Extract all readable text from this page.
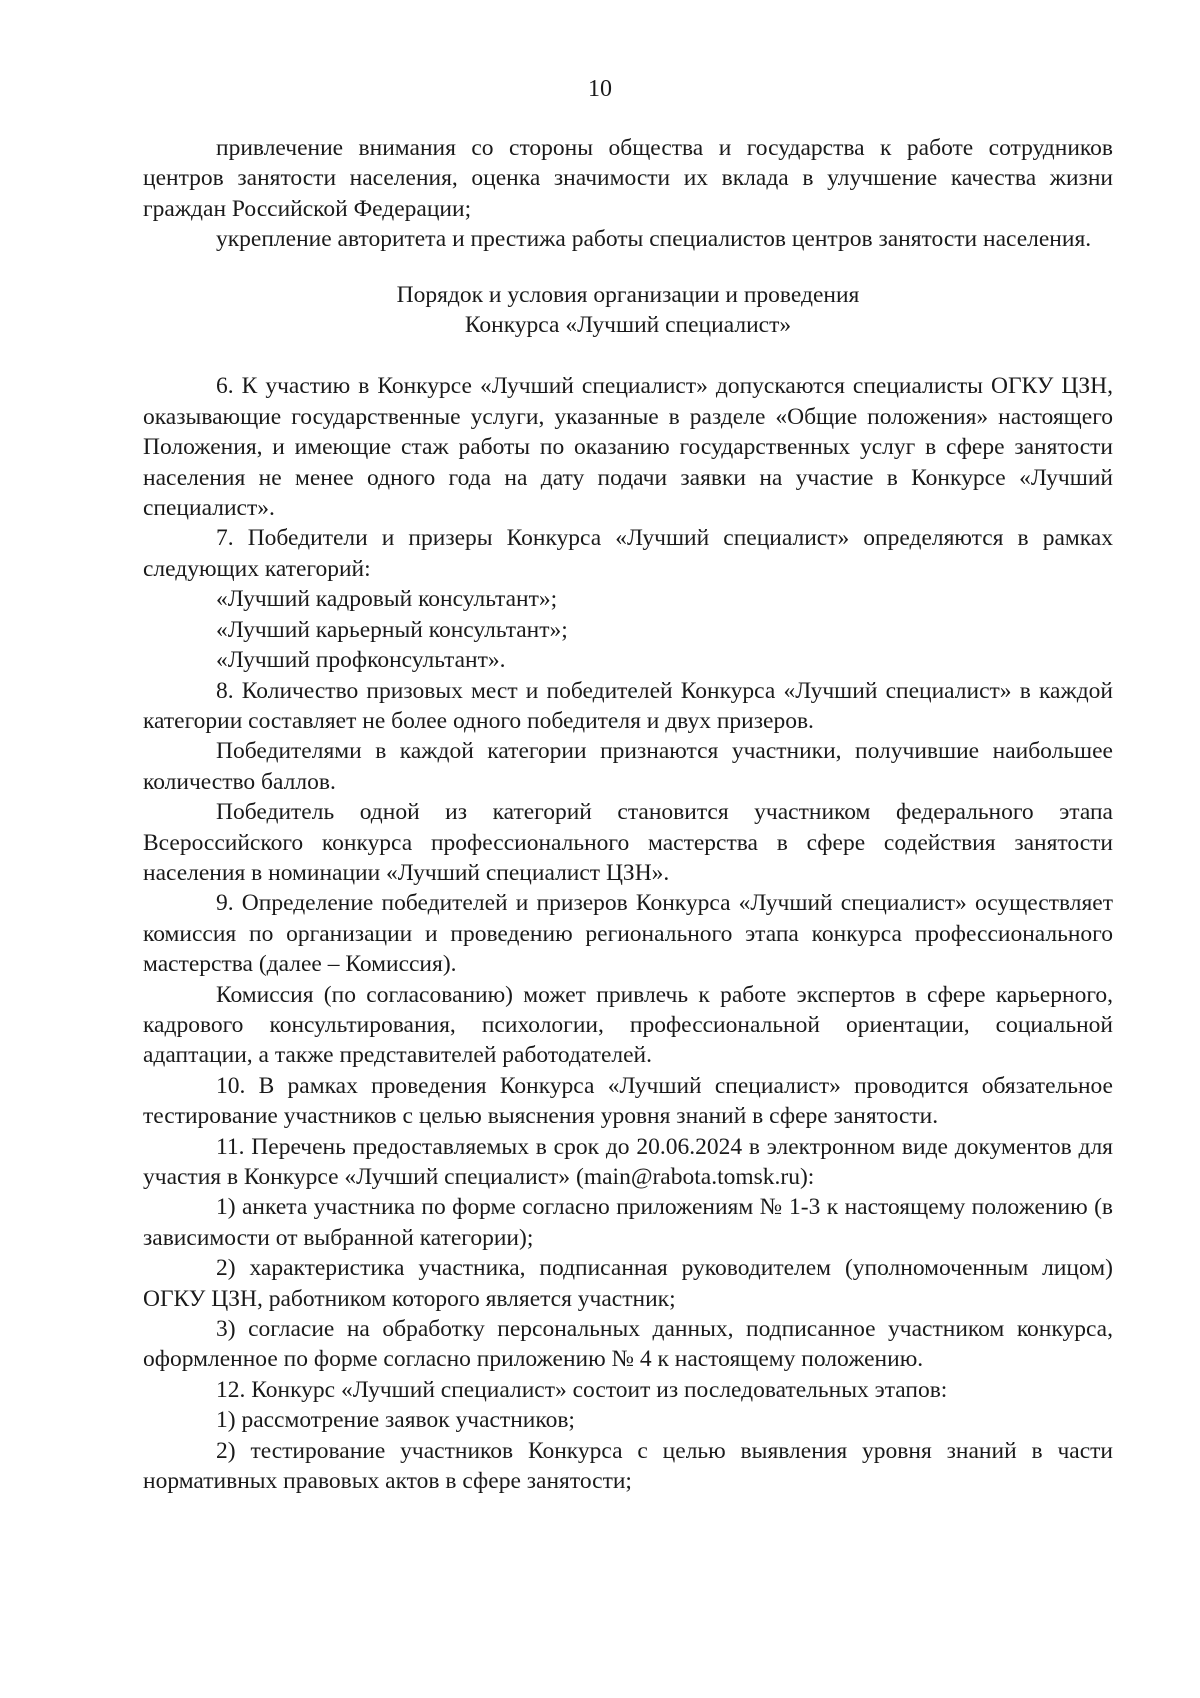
10

привлечение внимания со стороны общества и государства к работе сотрудников центров занятости населения, оценка значимости их вклада в улучшение качества жизни граждан Российской Федерации;

укрепление авторитета и престижа работы специалистов центров занятости населения.

Порядок и условия организации и проведения
Конкурса «Лучший специалист»

6. К участию в Конкурсе «Лучший специалист» допускаются специалисты ОГКУ ЦЗН, оказывающие государственные услуги, указанные в разделе «Общие положения» настоящего Положения, и имеющие стаж работы по оказанию государственных услуг в сфере занятости населения не менее одного года на дату подачи заявки на участие в Конкурсе «Лучший специалист».

7. Победители и призеры Конкурса «Лучший специалист» определяются в рамках следующих категорий:

«Лучший кадровый консультант»;

«Лучший карьерный консультант»;

«Лучший профконсультант».

8. Количество призовых мест и победителей Конкурса «Лучший специалист» в каждой категории составляет не более одного победителя и двух призеров.

Победителями в каждой категории признаются участники, получившие наибольшее количество баллов.

Победитель одной из категорий становится участником федерального этапа Всероссийского конкурса профессионального мастерства в сфере содействия занятости населения в номинации «Лучший специалист ЦЗН».

9. Определение победителей и призеров Конкурса «Лучший специалист» осуществляет комиссия по организации и проведению регионального этапа конкурса профессионального мастерства (далее – Комиссия).

Комиссия (по согласованию) может привлечь к работе экспертов в сфере карьерного, кадрового консультирования, психологии, профессиональной ориентации, социальной адаптации, а также представителей работодателей.

10. В рамках проведения Конкурса «Лучший специалист» проводится обязательное тестирование участников с целью выяснения уровня знаний в сфере занятости.

11. Перечень предоставляемых в срок до 20.06.2024 в электронном виде документов для участия в Конкурсе «Лучший специалист» (main@rabota.tomsk.ru):

1) анкета участника по форме согласно приложениям № 1-3 к настоящему положению (в зависимости от выбранной категории);

2) характеристика участника, подписанная руководителем (уполномоченным лицом) ОГКУ ЦЗН, работником которого является участник;

3) согласие на обработку персональных данных, подписанное участником конкурса, оформленное по форме согласно приложению № 4 к настоящему положению.

12. Конкурс «Лучший специалист» состоит из последовательных этапов:

1) рассмотрение заявок участников;

2) тестирование участников Конкурса с целью выявления уровня знаний в части нормативных правовых актов в сфере занятости;
